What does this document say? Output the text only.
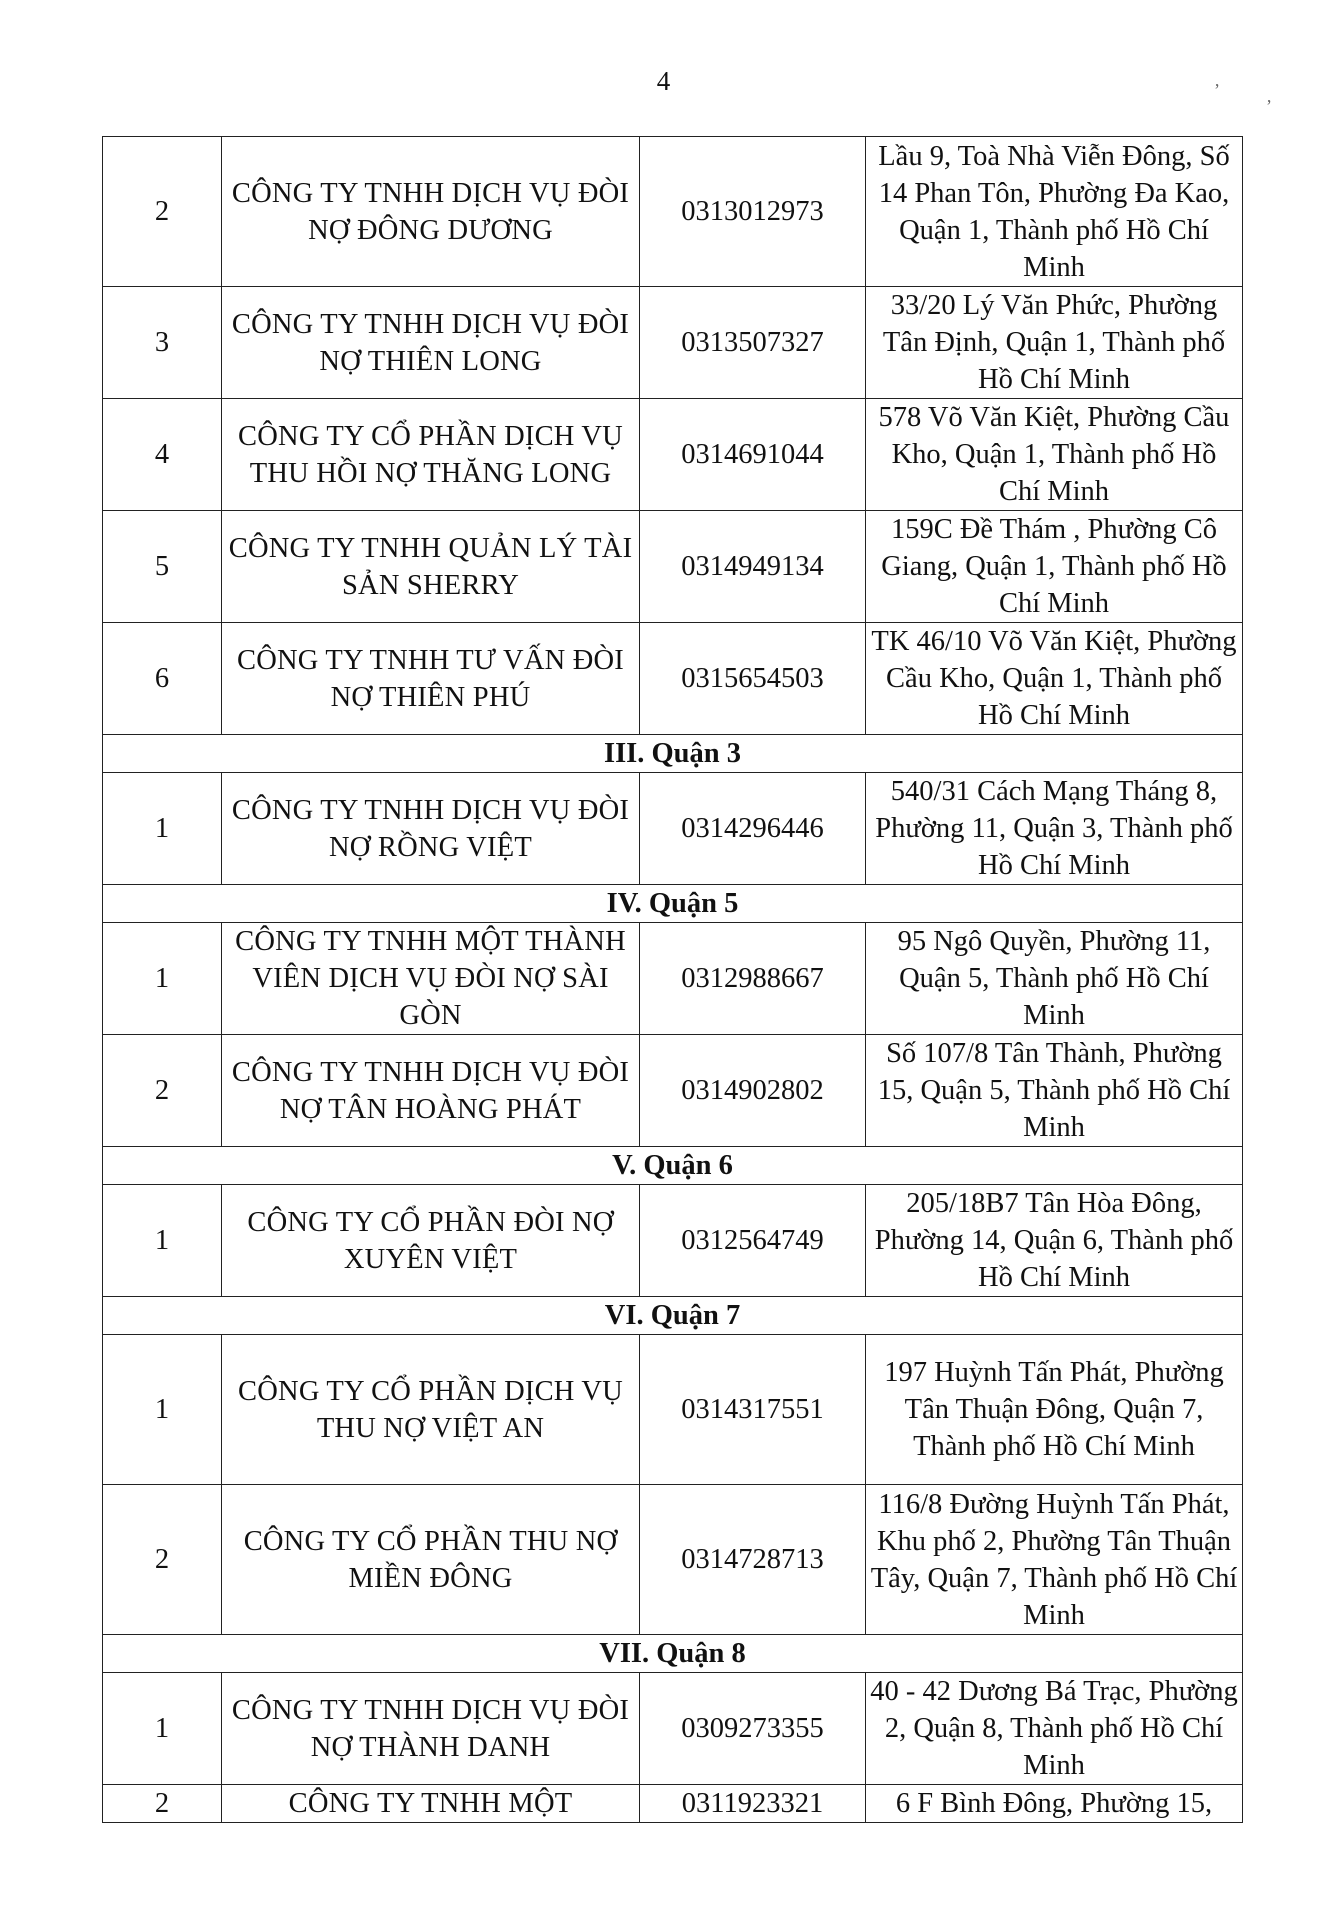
4	’
ʼ
2	CÔNG TY TNHH DỊCH VỤ ĐÒI NỢ ĐÔNG DƯƠNG	0313012973	Lầu 9, Toà Nhà Viễn Đông, Số 14 Phan Tôn, Phường Đa Kao, Quận 1, Thành phố Hồ Chí Minh
3	CÔNG TY TNHH DỊCH VỤ ĐÒI NỢ THIÊN LONG	0313507327	33/20 Lý Văn Phức, Phường Tân Định, Quận 1, Thành phố Hồ Chí Minh
4	CÔNG TY CỔ PHẦN DỊCH VỤ THU HỒI NỢ THĂNG LONG	0314691044	578 Võ Văn Kiệt, Phường Cầu Kho, Quận 1, Thành phố Hồ Chí Minh
5	CÔNG TY TNHH QUẢN LÝ TÀI SẢN SHERRY	0314949134	159C Đề Thám , Phường Cô Giang, Quận 1, Thành phố Hồ Chí Minh
6	CÔNG TY TNHH TƯ VẤN ĐÒI NỢ THIÊN PHÚ	0315654503	TK 46/10 Võ Văn Kiệt, Phường Cầu Kho, Quận 1, Thành phố Hồ Chí Minh
III. Quận 3			
1	CÔNG TY TNHH DỊCH VỤ ĐÒI NỢ RỒNG VIỆT	0314296446	540/31 Cách Mạng Tháng 8, Phường 11, Quận 3, Thành phố Hồ Chí Minh
IV. Quận 5			
1	CÔNG TY TNHH MỘT THÀNH VIÊN DỊCH VỤ ĐÒI NỢ SÀI GÒN	0312988667	95 Ngô Quyền, Phường 11, Quận 5, Thành phố Hồ Chí Minh
2	CÔNG TY TNHH DỊCH VỤ ĐÒI NỢ TÂN HOÀNG PHÁT	0314902802	Số 107/8 Tân Thành, Phường 15, Quận 5, Thành phố Hồ Chí Minh
V. Quận 6			
1	CÔNG TY CỔ PHẦN ĐÒI NỢ XUYÊN VIỆT	0312564749	205/18B7 Tân Hòa Đông, Phường 14, Quận 6, Thành phố Hồ Chí Minh
VI. Quận 7			
1	CÔNG TY CỔ PHẦN DỊCH VỤ THU NỢ VIỆT AN	0314317551	197 Huỳnh Tấn Phát, Phường Tân Thuận Đông, Quận 7, Thành phố Hồ Chí Minh
2	CÔNG TY CỔ PHẦN THU NỢ MIỀN ĐÔNG	0314728713	116/8 Đường Huỳnh Tấn Phát, Khu phố 2, Phường Tân Thuận Tây, Quận 7, Thành phố Hồ Chí Minh
VII. Quận 8			
1	CÔNG TY TNHH DỊCH VỤ ĐÒI NỢ THÀNH DANH	0309273355	40 - 42 Dương Bá Trạc, Phường 2, Quận 8, Thành phố Hồ Chí Minh
2	CÔNG TY TNHH MỘT	0311923321	6 F Bình Đông, Phường 15,
